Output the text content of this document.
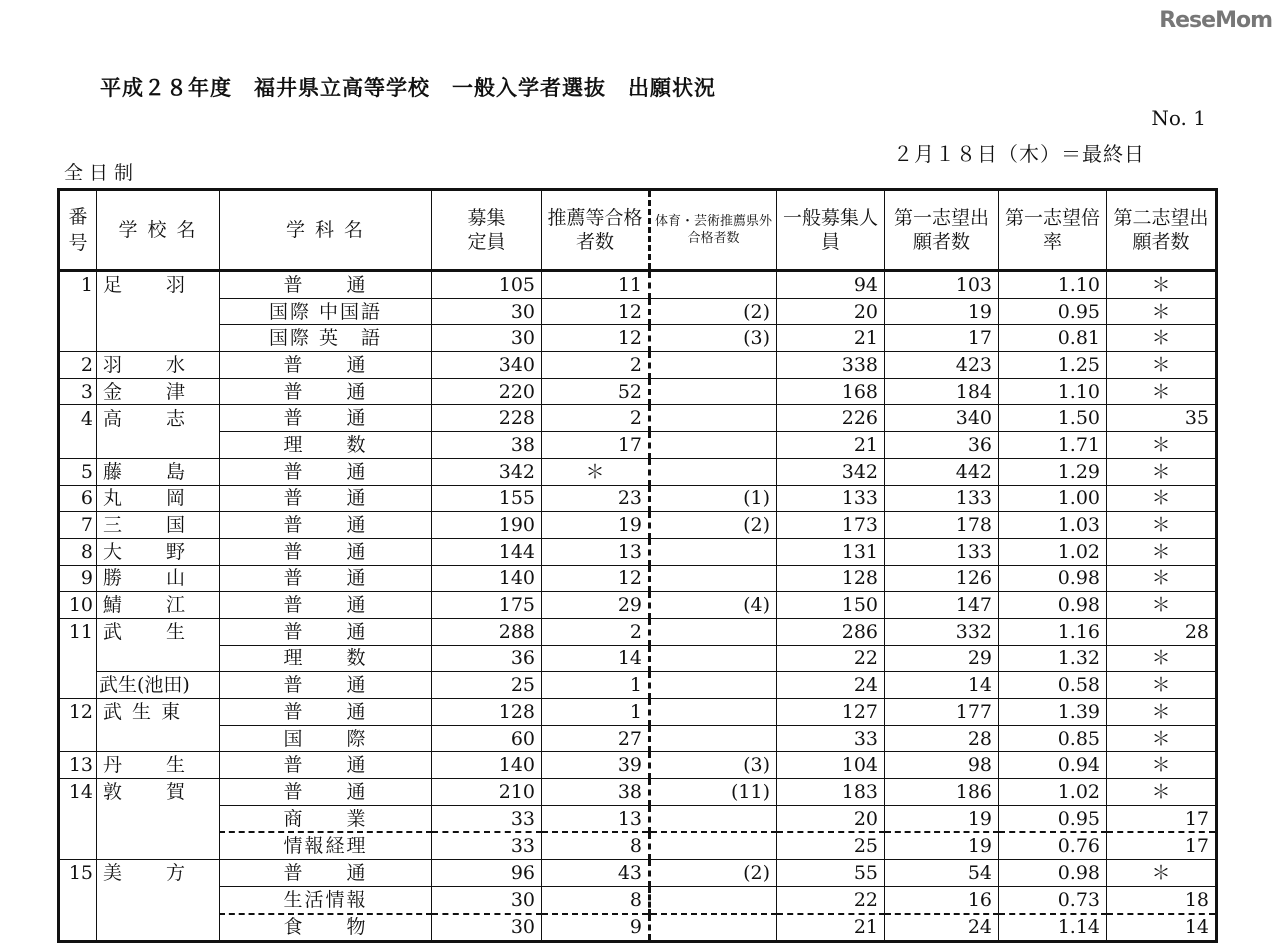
平成２８年度　福井県立高等学校　一般入学者選抜　出願状況
No. 1
２月１８日（木）＝最終日
全日制
番号	学 校 名	学 科 名	募集定員	推薦等合格者数	体育・芸術推薦県外合格者数	一般募集人員	第一志望出願者数	第一志望倍　率	第二志望出願者数
1	足　　羽	普　　通	105	11		94	103	1.10	＊
		国際 中国語	30	12	(2)	20	19	0.95	＊
		国際 英　語	30	12	(3)	21	17	0.81	＊
2	羽　　水	普　　通	340	2		338	423	1.25	＊
3	金　　津	普　　通	220	52		168	184	1.10	＊
4	高　　志	普　　通	228	2		226	340	1.50	35
		理　　数	38	17		21	36	1.71	＊
5	藤　　島	普　　通	342	＊		342	442	1.29	＊
6	丸　　岡	普　　通	155	23	(1)	133	133	1.00	＊
7	三　　国	普　　通	190	19	(2)	173	178	1.03	＊
8	大　　野	普　　通	144	13		131	133	1.02	＊
9	勝　　山	普　　通	140	12		128	126	0.98	＊
10	鯖　　江	普　　通	175	29	(4)	150	147	0.98	＊
11	武　　生	普　　通	288	2		286	332	1.16	28
		理　　数	36	14		22	29	1.32	＊
	武生(池田)	普　　通	25	1		24	14	0.58	＊
12	武 生 東	普　　通	128	1		127	177	1.39	＊
		国　　際	60	27		33	28	0.85	＊
13	丹　　生	普　　通	140	39	(3)	104	98	0.94	＊
14	敦　　賀	普　　通	210	38	(11)	183	186	1.02	＊
		商　　業	33	13		20	19	0.95	17
		情報経理	33	8		25	19	0.76	17
15	美　　方	普　　通	96	43	(2)	55	54	0.98	＊
		生活情報	30	8		22	16	0.73	18
		食　　物	30	9		21	24	1.14	14
ReseMom
